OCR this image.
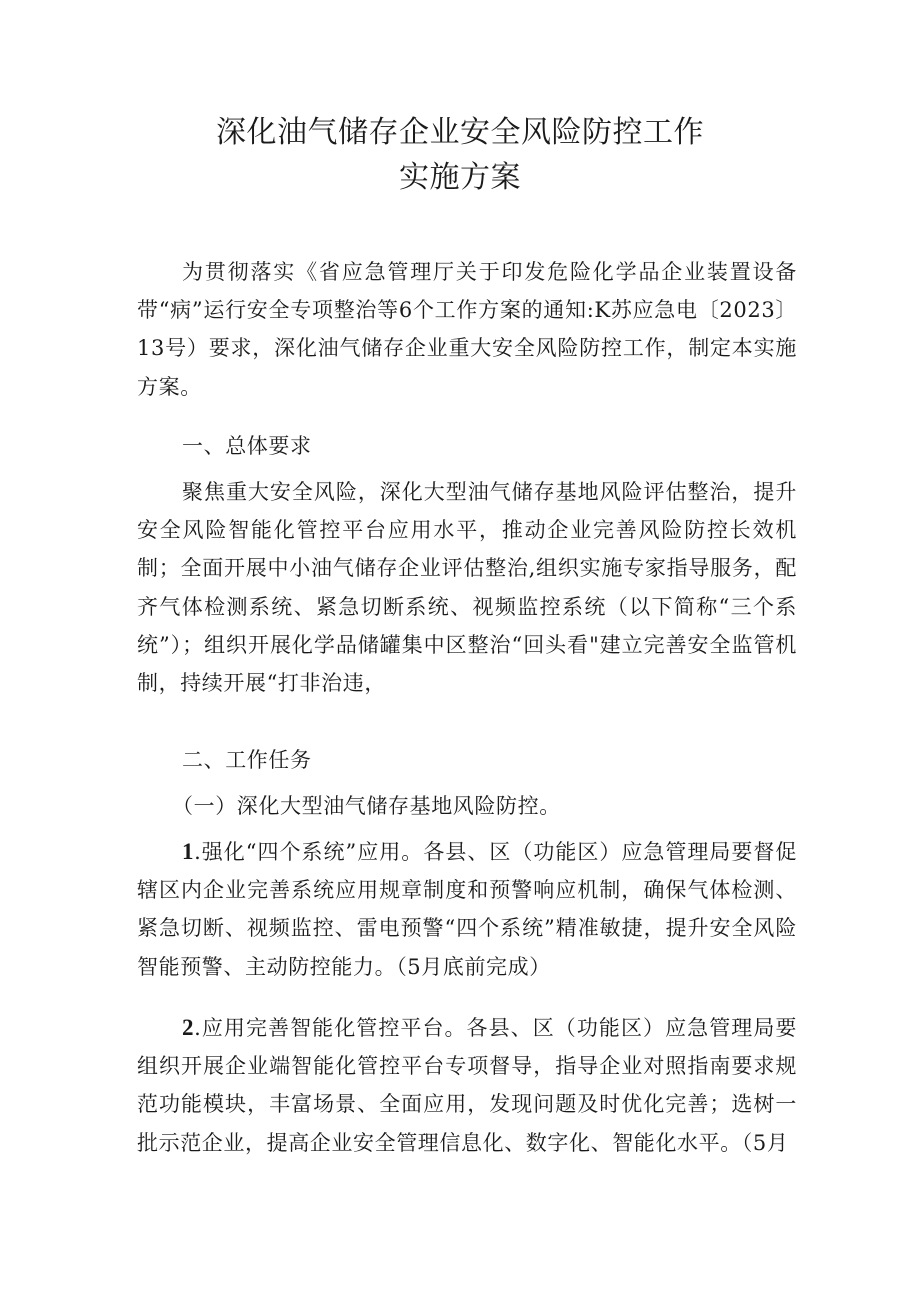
深化油气储存企业安全风险防控工作
实施方案
为贯彻落实《省应急管理厅关于印发危险化学品企业装置设备带“病”运行安全专项整治等6个工作方案的通知:K苏应急电〔2023〕13号）要求，深化油气储存企业重大安全风险防控工作，制定本实施方案。
一、总体要求
聚焦重大安全风险，深化大型油气储存基地风险评估整治，提升安全风险智能化管控平台应用水平，推动企业完善风险防控长效机制；全面开展中小油气储存企业评估整治,组织实施专家指导服务，配齐气体检测系统、紧急切断系统、视频监控系统（以下简称“三个系统”）；组织开展化学品储罐集中区整治“回头看"建立完善安全监管机制，持续开展“打非治违，
二、工作任务
（一）深化大型油气储存基地风险防控。
1.强化“四个系统”应用。各县、区（功能区）应急管理局要督促辖区内企业完善系统应用规章制度和预警响应机制，确保气体检测、紧急切断、视频监控、雷电预警“四个系统”精准敏捷，提升安全风险智能预警、主动防控能力。（5月底前完成）
2.应用完善智能化管控平台。各县、区（功能区）应急管理局要组织开展企业端智能化管控平台专项督导，指导企业对照指南要求规范功能模块，丰富场景、全面应用，发现问题及时优化完善；选树一批示范企业，提高企业安全管理信息化、数字化、智能化水平。（5月
